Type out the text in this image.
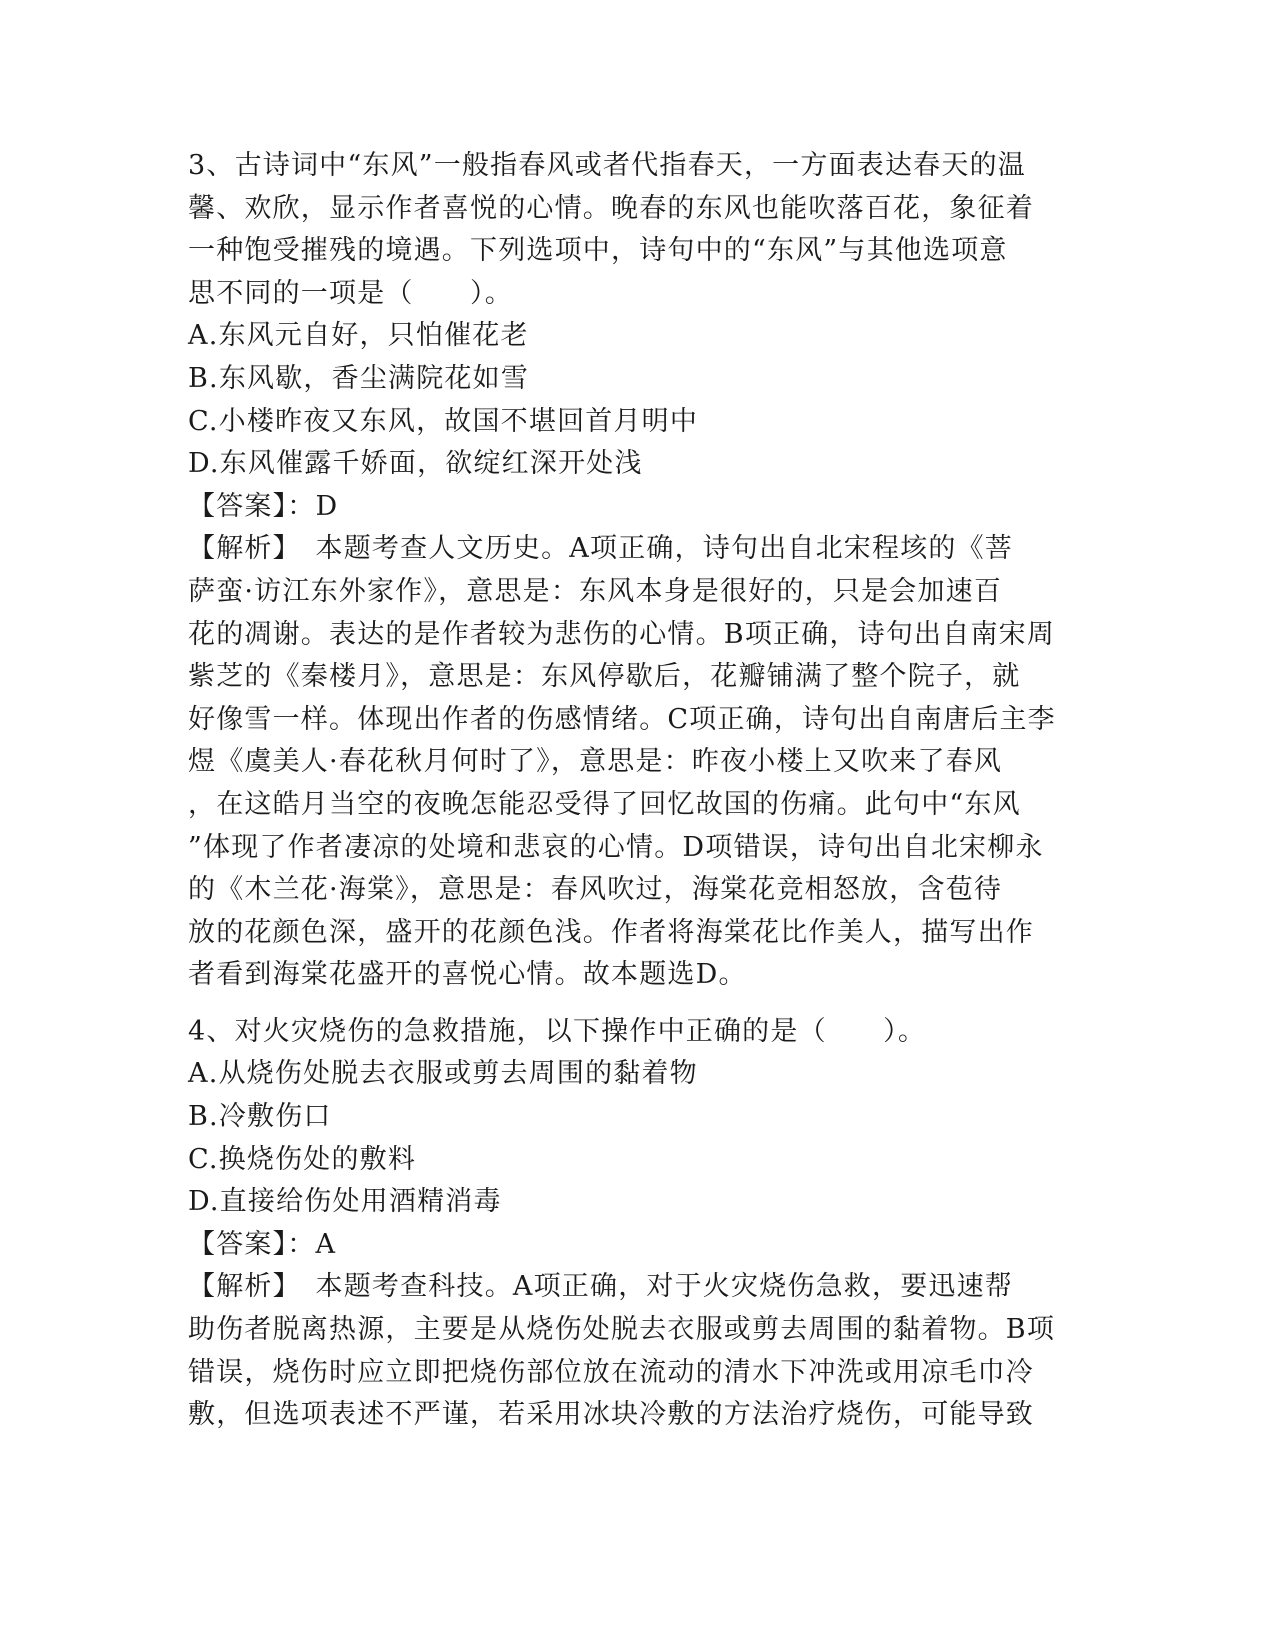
3、古诗词中“东风”一般指春风或者代指春天，一方面表达春天的温
馨、欢欣，显示作者喜悦的心情。晚春的东风也能吹落百花，象征着
一种饱受摧残的境遇。下列选项中，诗句中的“东风”与其他选项意
思不同的一项是（　　）。
A.东风元自好，只怕催花老
B.东风歇，香尘满院花如雪
C.小楼昨夜又东风，故国不堪回首月明中
D.东风催露千娇面，欲绽红深开处浅
【答案】：D
【解析】　本题考查人文历史。A项正确，诗句出自北宋程垓的《菩
萨蛮·访江东外家作》，意思是：东风本身是很好的，只是会加速百
花的凋谢。表达的是作者较为悲伤的心情。B项正确，诗句出自南宋周
紫芝的《秦楼月》，意思是：东风停歇后，花瓣铺满了整个院子，就
好像雪一样。体现出作者的伤感情绪。C项正确，诗句出自南唐后主李
煜《虞美人·春花秋月何时了》，意思是：昨夜小楼上又吹来了春风
，在这皓月当空的夜晚怎能忍受得了回忆故国的伤痛。此句中“东风
”体现了作者凄凉的处境和悲哀的心情。D项错误，诗句出自北宋柳永
的《木兰花·海棠》，意思是：春风吹过，海棠花竞相怒放，含苞待
放的花颜色深，盛开的花颜色浅。作者将海棠花比作美人，描写出作
者看到海棠花盛开的喜悦心情。故本题选D。
4、对火灾烧伤的急救措施，以下操作中正确的是（　　）。
A.从烧伤处脱去衣服或剪去周围的黏着物
B.冷敷伤口
C.换烧伤处的敷料
D.直接给伤处用酒精消毒
【答案】：A
【解析】　本题考查科技。A项正确，对于火灾烧伤急救，要迅速帮
助伤者脱离热源，主要是从烧伤处脱去衣服或剪去周围的黏着物。B项
错误，烧伤时应立即把烧伤部位放在流动的清水下冲洗或用凉毛巾冷
敷，但选项表述不严谨，若采用冰块冷敷的方法治疗烧伤，可能导致
